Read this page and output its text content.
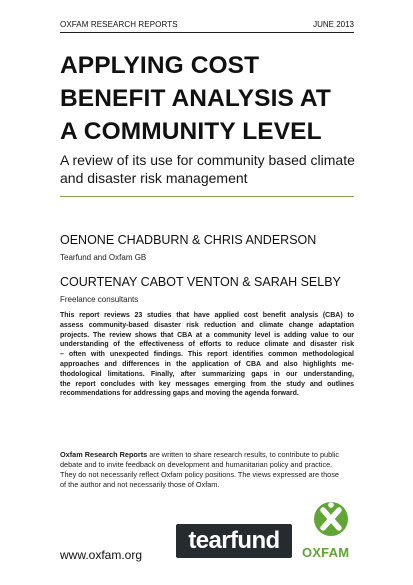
OXFAM RESEARCH REPORTS	JUNE 2013
APPLYING COST
BENEFIT ANALYSIS AT
A COMMUNITY LEVEL
A review of its use for community based climate
and disaster risk management
OENONE CHADBURN & CHRIS ANDERSON
Tearfund and Oxfam GB
COURTENAY CABOT VENTON & SARAH SELBY
Freelance consultants
This report reviews 23 studies that have applied cost benefit analysis (CBA) to
assess community-based disaster risk reduction and climate change adaptation
projects. The review shows that CBA at a community level is adding value to our
understanding of the effectiveness of efforts to reduce climate and disaster risk
– often with unexpected findings. This report identifies common methodological
approaches and differences in the application of CBA and also highlights me-
thodological limitations. Finally, after summarizing gaps in our understanding,
the report concludes with key messages emerging from the study and outlines
recommendations for addressing gaps and moving the agenda forward.
Oxfam Research Reports are written to share research results, to contribute to public
debate and to invite feedback on development and humanitarian policy and practice.
They do not necessarily reflect Oxfam policy positions. The views expressed are those
of the author and not necessarily those of Oxfam.
www.oxfam.org
tearfund OXFAM
